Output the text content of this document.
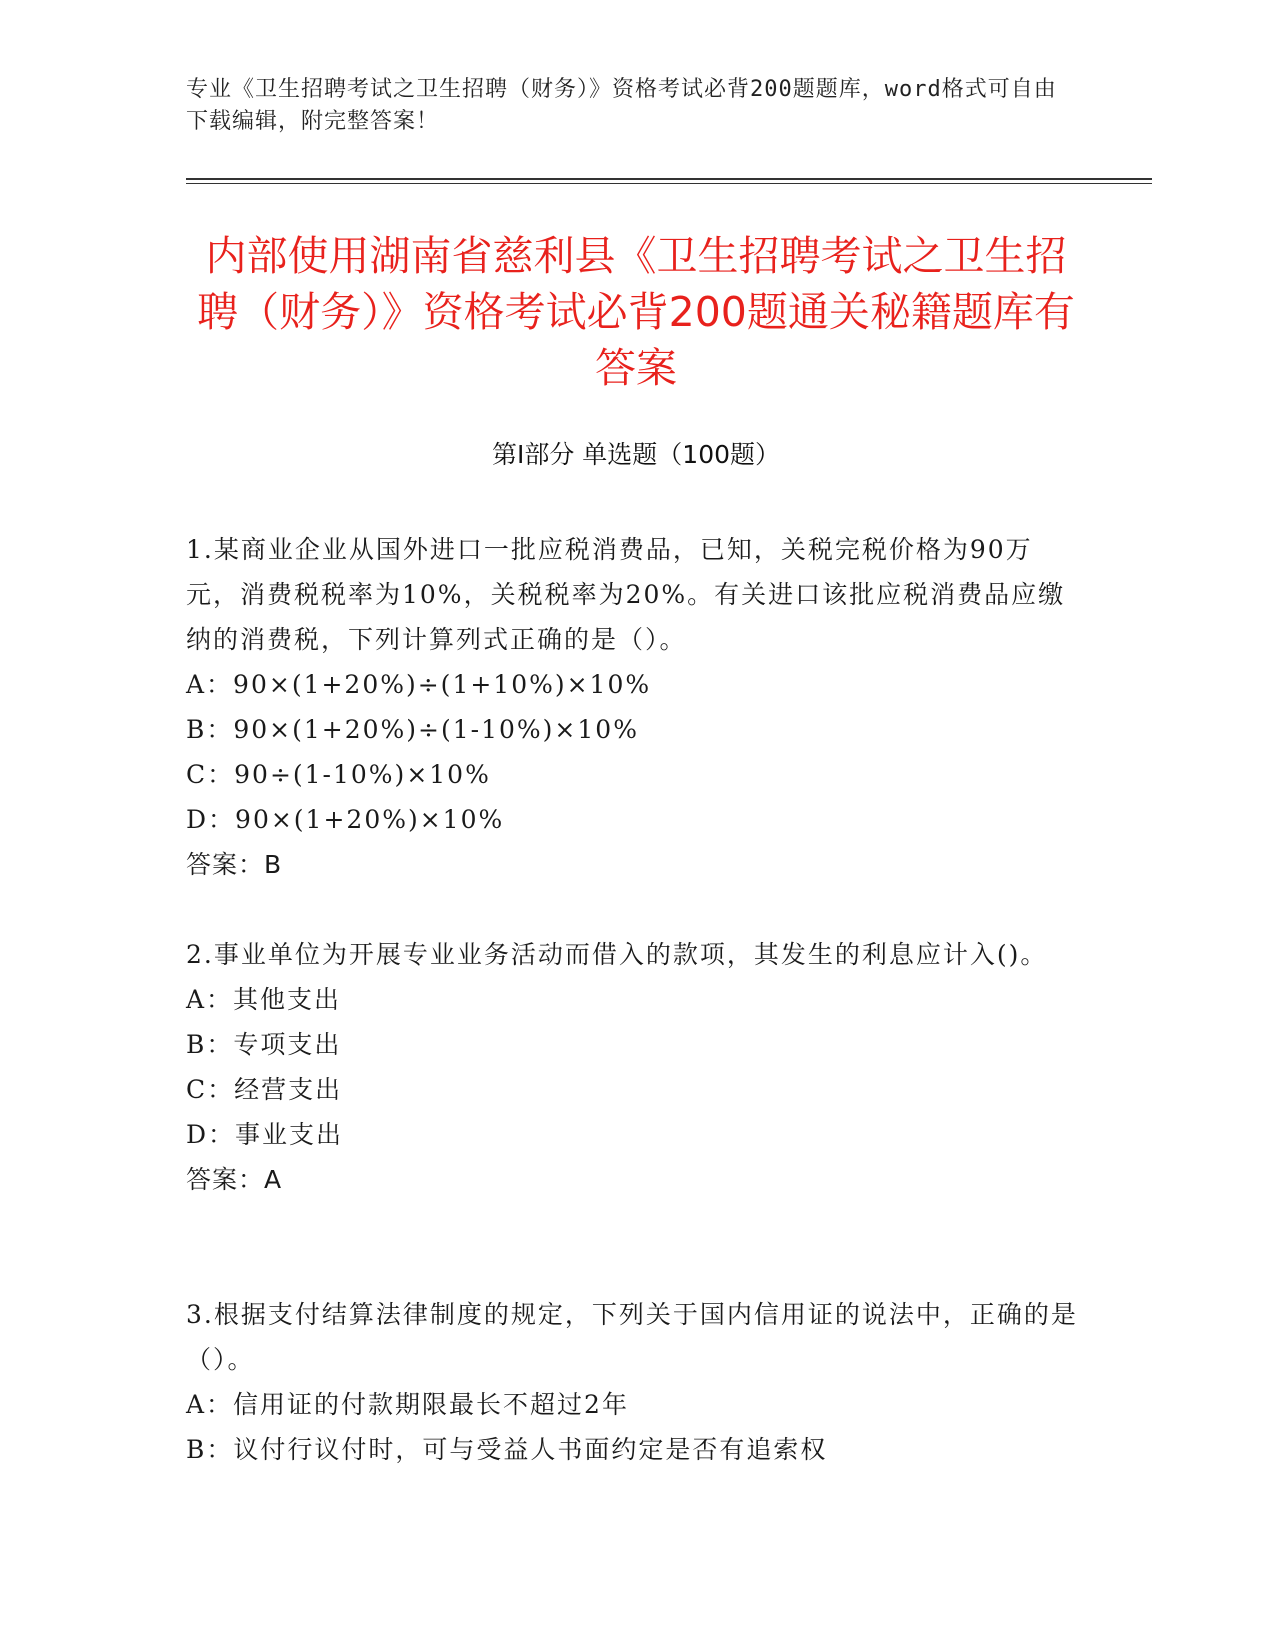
专业《卫生招聘考试之卫生招聘（财务）》资格考试必背200题题库，word格式可自由下载编辑，附完整答案！
内部使用湖南省慈利县《卫生招聘考试之卫生招聘（财务）》资格考试必背200题通关秘籍题库有答案
第I部分 单选题（100题）

1.某商业企业从国外进口一批应税消费品，已知，关税完税价格为90万元，消费税税率为10%，关税税率为20%。有关进口该批应税消费品应缴纳的消费税，下列计算列式正确的是（）。

A：90×(1+20%)÷(1+10%)×10%

B：90×(1+20%)÷(1-10%)×10%

C：90÷(1-10%)×10%

D：90×(1+20%)×10%

答案：B

2.事业单位为开展专业业务活动而借入的款项，其发生的利息应计入()。

A：其他支出

B：专项支出

C：经营支出

D：事业支出

答案：A

3.根据支付结算法律制度的规定，下列关于国内信用证的说法中，正确的是（）。

A：信用证的付款期限最长不超过2年

B：议付行议付时，可与受益人书面约定是否有追索权
